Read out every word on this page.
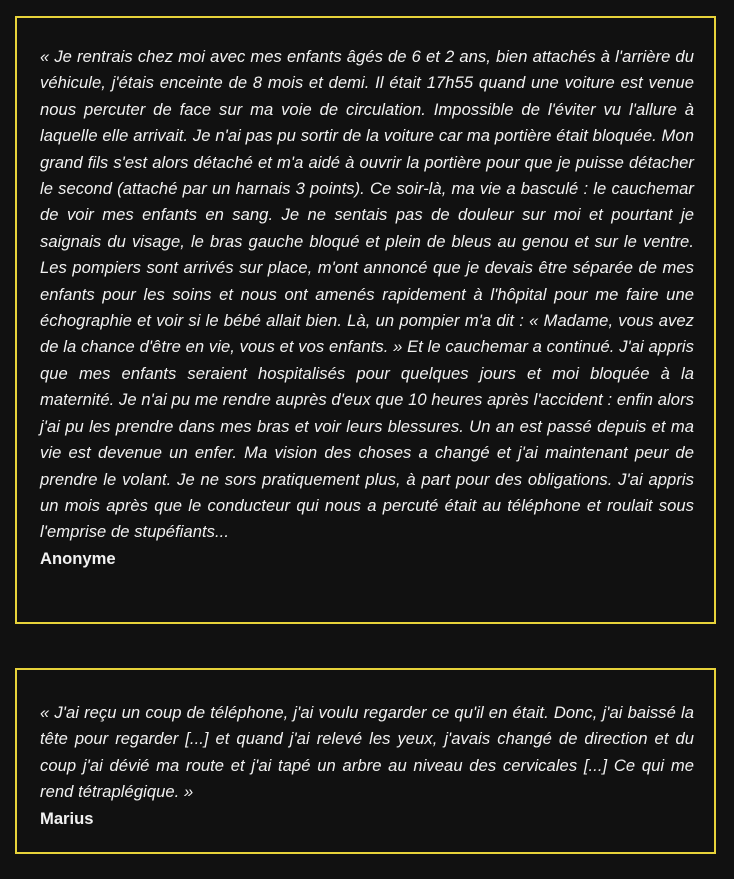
« Je rentrais chez moi avec mes enfants âgés de 6 et 2 ans, bien attachés à l'arrière du véhicule, j'étais enceinte de 8 mois et demi. Il était 17h55 quand une voiture est venue nous percuter de face sur ma voie de circulation. Impossible de l'éviter vu l'allure à laquelle elle arrivait. Je n'ai pas pu sortir de la voiture car ma portière était bloquée. Mon grand fils s'est alors détaché et m'a aidé à ouvrir la portière pour que je puisse détacher le second (attaché par un harnais 3 points). Ce soir-là, ma vie a basculé : le cauchemar de voir mes enfants en sang. Je ne sentais pas de douleur sur moi et pourtant je saignais du visage, le bras gauche bloqué et plein de bleus au genou et sur le ventre. Les pompiers sont arrivés sur place, m'ont annoncé que je devais être séparée de mes enfants pour les soins et nous ont amenés rapidement à l'hôpital pour me faire une échographie et voir si le bébé allait bien. Là, un pompier m'a dit : « Madame, vous avez de la chance d'être en vie, vous et vos enfants. » Et le cauchemar a continué. J'ai appris que mes enfants seraient hospitalisés pour quelques jours et moi bloquée à la maternité. Je n'ai pu me rendre auprès d'eux que 10 heures après l'accident : enfin alors j'ai pu les prendre dans mes bras et voir leurs blessures. Un an est passé depuis et ma vie est devenue un enfer. Ma vision des choses a changé et j'ai maintenant peur de prendre le volant. Je ne sors pratiquement plus, à part pour des obligations. J'ai appris un mois après que le conducteur qui nous a percuté était au téléphone et roulait sous l'emprise de stupéfiants...

Anonyme

« J'ai reçu un coup de téléphone, j'ai voulu regarder ce qu'il en était. Donc, j'ai baissé la tête pour regarder [...] et quand j'ai relevé les yeux, j'avais changé de direction et du coup j'ai dévié ma route et j'ai tapé un arbre au niveau des cervicales [...] Ce qui me rend tétraplégique. »

Marius
